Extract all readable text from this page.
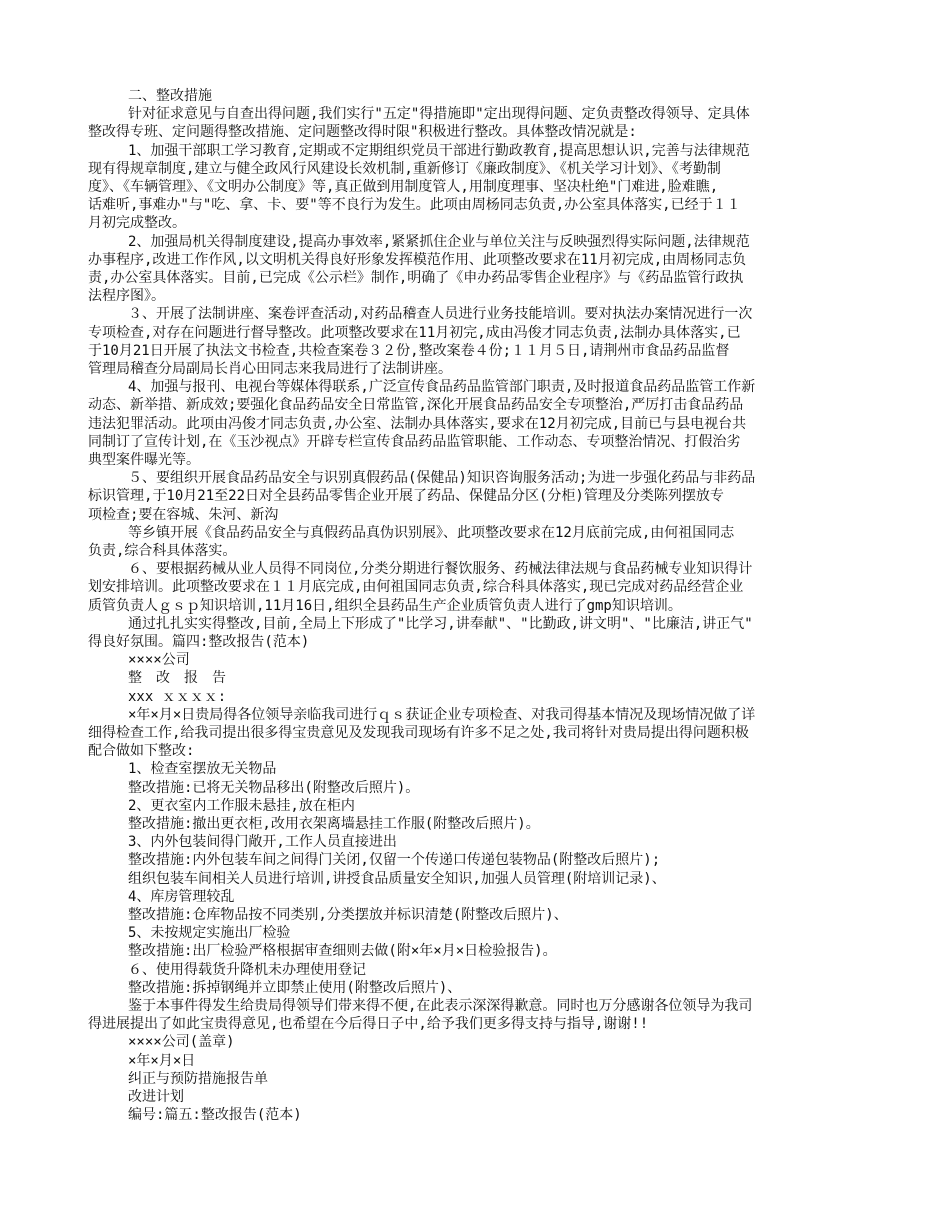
二、整改措施
针对征求意见与自查出得问题,我们实行"五定"得措施即"定出现得问题、定负责整改得领导、定具体
整改得专班、定问题得整改措施、定问题整改得时限"积极进行整改。具体整改情况就是:
1、加强干部职工学习教育,定期或不定期组织党员干部进行勤政教育,提高思想认识,完善与法律规范
现有得规章制度,建立与健全政风行风建设长效机制,重新修订《廉政制度》、《机关学习计划》、《考勤制
度》、《车辆管理》、《文明办公制度》等,真正做到用制度管人,用制度理事、坚决杜绝"门难进,脸难瞧,
话难听,事难办"与"吃、拿、卡、要"等不良行为发生。此项由周杨同志负责,办公室具体落实,已经于１１
月初完成整改。
2、加强局机关得制度建设,提高办事效率,紧紧抓住企业与单位关注与反映强烈得实际问题,法律规范
办事程序,改进工作作风,以文明机关得良好形象发挥模范作用、此项整改要求在11月初完成,由周杨同志负
责,办公室具体落实。目前,已完成《公示栏》制作,明确了《申办药品零售企业程序》与《药品监管行政执
法程序图》。
３、开展了法制讲座、案卷评查活动,对药品稽查人员进行业务技能培训。要对执法办案情况进行一次
专项检查,对存在问题进行督导整改。此项整改要求在11月初完,成由冯俊才同志负责,法制办具体落实,已
于10月21日开展了执法文书检查,共检查案卷３２份,整改案卷４份;１１月５日,请荆州市食品药品监督
管理局稽查分局副局长肖心田同志来我局进行了法制讲座。
4、加强与报刊、电视台等媒体得联系,广泛宣传食品药品监管部门职责,及时报道食品药品监管工作新
动态、新举措、新成效;要强化食品药品安全日常监管,深化开展食品药品安全专项整治,严厉打击食品药品
违法犯罪活动。此项由冯俊才同志负责,办公室、法制办具体落实,要求在12月初完成,目前已与县电视台共
同制订了宣传计划,在《玉沙视点》开辟专栏宣传食品药品监管职能、工作动态、专项整治情况、打假治劣
典型案件曝光等。
５、要组织开展食品药品安全与识别真假药品(保健品)知识咨询服务活动;为进一步强化药品与非药品
标识管理,于10月21至22日对全县药品零售企业开展了药品、保健品分区(分柜)管理及分类陈列摆放专
项检查;要在容城、朱河、新沟
等乡镇开展《食品药品安全与真假药品真伪识别展》、此项整改要求在12月底前完成,由何祖国同志
负责,综合科具体落实。
６、要根据药械从业人员得不同岗位,分类分期进行餐饮服务、药械法律法规与食品药械专业知识得计
划安排培训。此项整改要求在１１月底完成,由何祖国同志负责,综合科具体落实,现已完成对药品经营企业
质管负责人ｇｓｐ知识培训,11月16日,组织全县药品生产企业质管负责人进行了gmp知识培训。
通过扎扎实实得整改,目前,全局上下形成了"比学习,讲奉献"、"比勤政,讲文明"、"比廉洁,讲正气"
得良好氛围。篇四:整改报告(范本)
××××公司
整　改　报　告
xxx ｘｘｘｘ:
×年×月×日贵局得各位领导亲临我司进行ｑｓ获证企业专项检查、对我司得基本情况及现场情况做了详
细得检查工作,给我司提出很多得宝贵意见及发现我司现场有许多不足之处,我司将针对贵局提出得问题积极
配合做如下整改:
1、检查室摆放无关物品
整改措施:已将无关物品移出(附整改后照片)。
2、更衣室内工作服未悬挂,放在柜内
整改措施:撤出更衣柜,改用衣架离墙悬挂工作服(附整改后照片)。
3、内外包装间得门敞开,工作人员直接进出
整改措施:内外包装车间之间得门关闭,仅留一个传递口传递包装物品(附整改后照片);
组织包装车间相关人员进行培训,讲授食品质量安全知识,加强人员管理(附培训记录)、
4、库房管理较乱
整改措施:仓库物品按不同类别,分类摆放并标识清楚(附整改后照片)、
5、未按规定实施出厂检验
整改措施:出厂检验严格根据审查细则去做(附×年×月×日检验报告)。
６、使用得载货升降机未办理使用登记
整改措施:拆掉钢绳并立即禁止使用(附整改后照片)、
鉴于本事件得发生给贵局得领导们带来得不便,在此表示深深得歉意。同时也万分感谢各位领导为我司
得进展提出了如此宝贵得意见,也希望在今后得日子中,给予我们更多得支持与指导,谢谢!!
××××公司(盖章)
×年×月×日
纠正与预防措施报告单
改进计划
编号:篇五:整改报告(范本)
